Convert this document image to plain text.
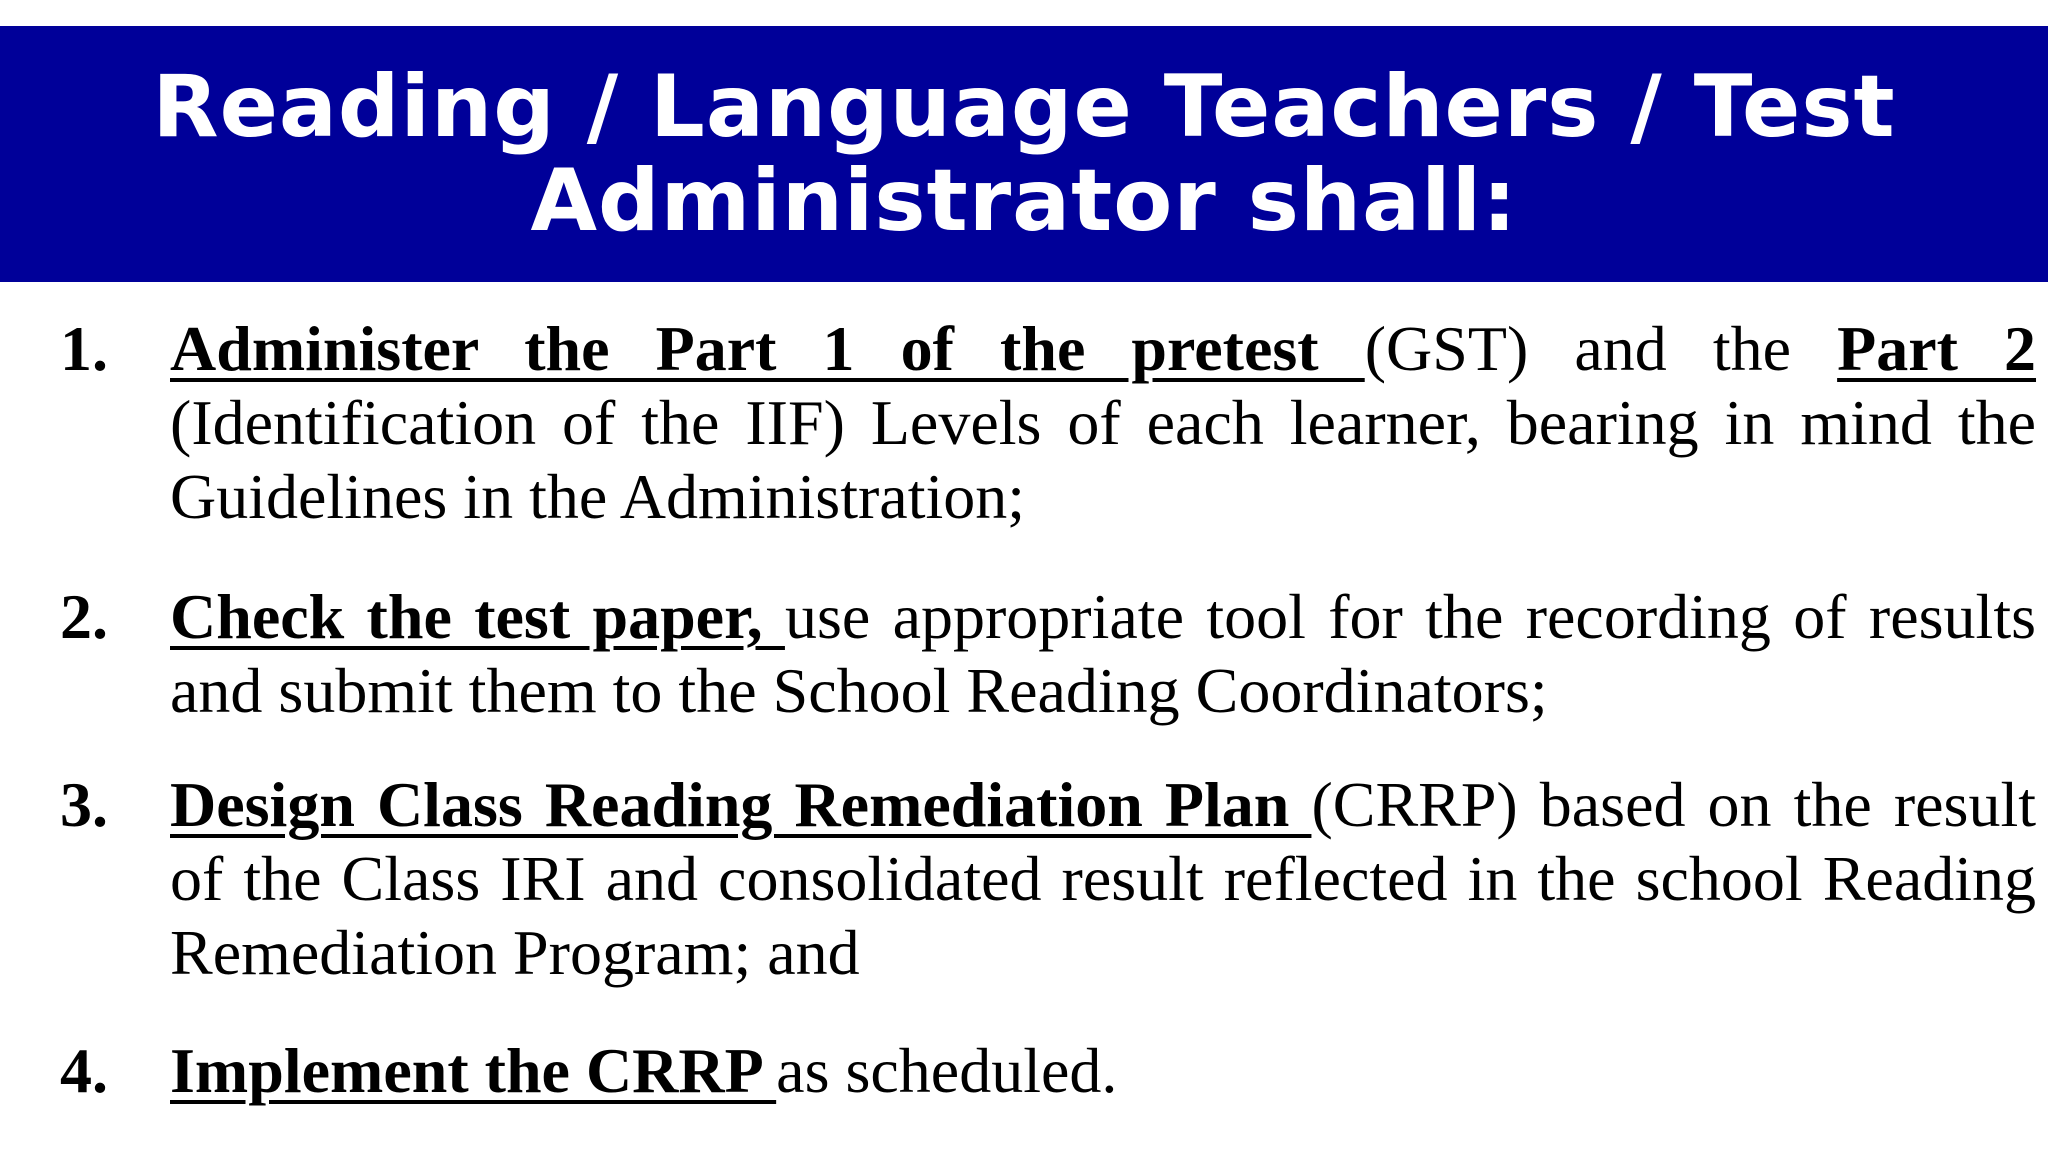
Reading / Language Teachers / Test Administrator shall:
1. Administer the Part 1 of the pretest (GST) and the Part 2 (Identification of the IIF) Levels of each learner, bearing in mind the Guidelines in the Administration;
2. Check the test paper, use appropriate tool for the recording of results and submit them to the School Reading Coordinators;
3. Design Class Reading Remediation Plan (CRRP) based on the result of the Class IRI and consolidated result reflected in the school Reading Remediation Program; and
4. Implement the CRRP as scheduled.
